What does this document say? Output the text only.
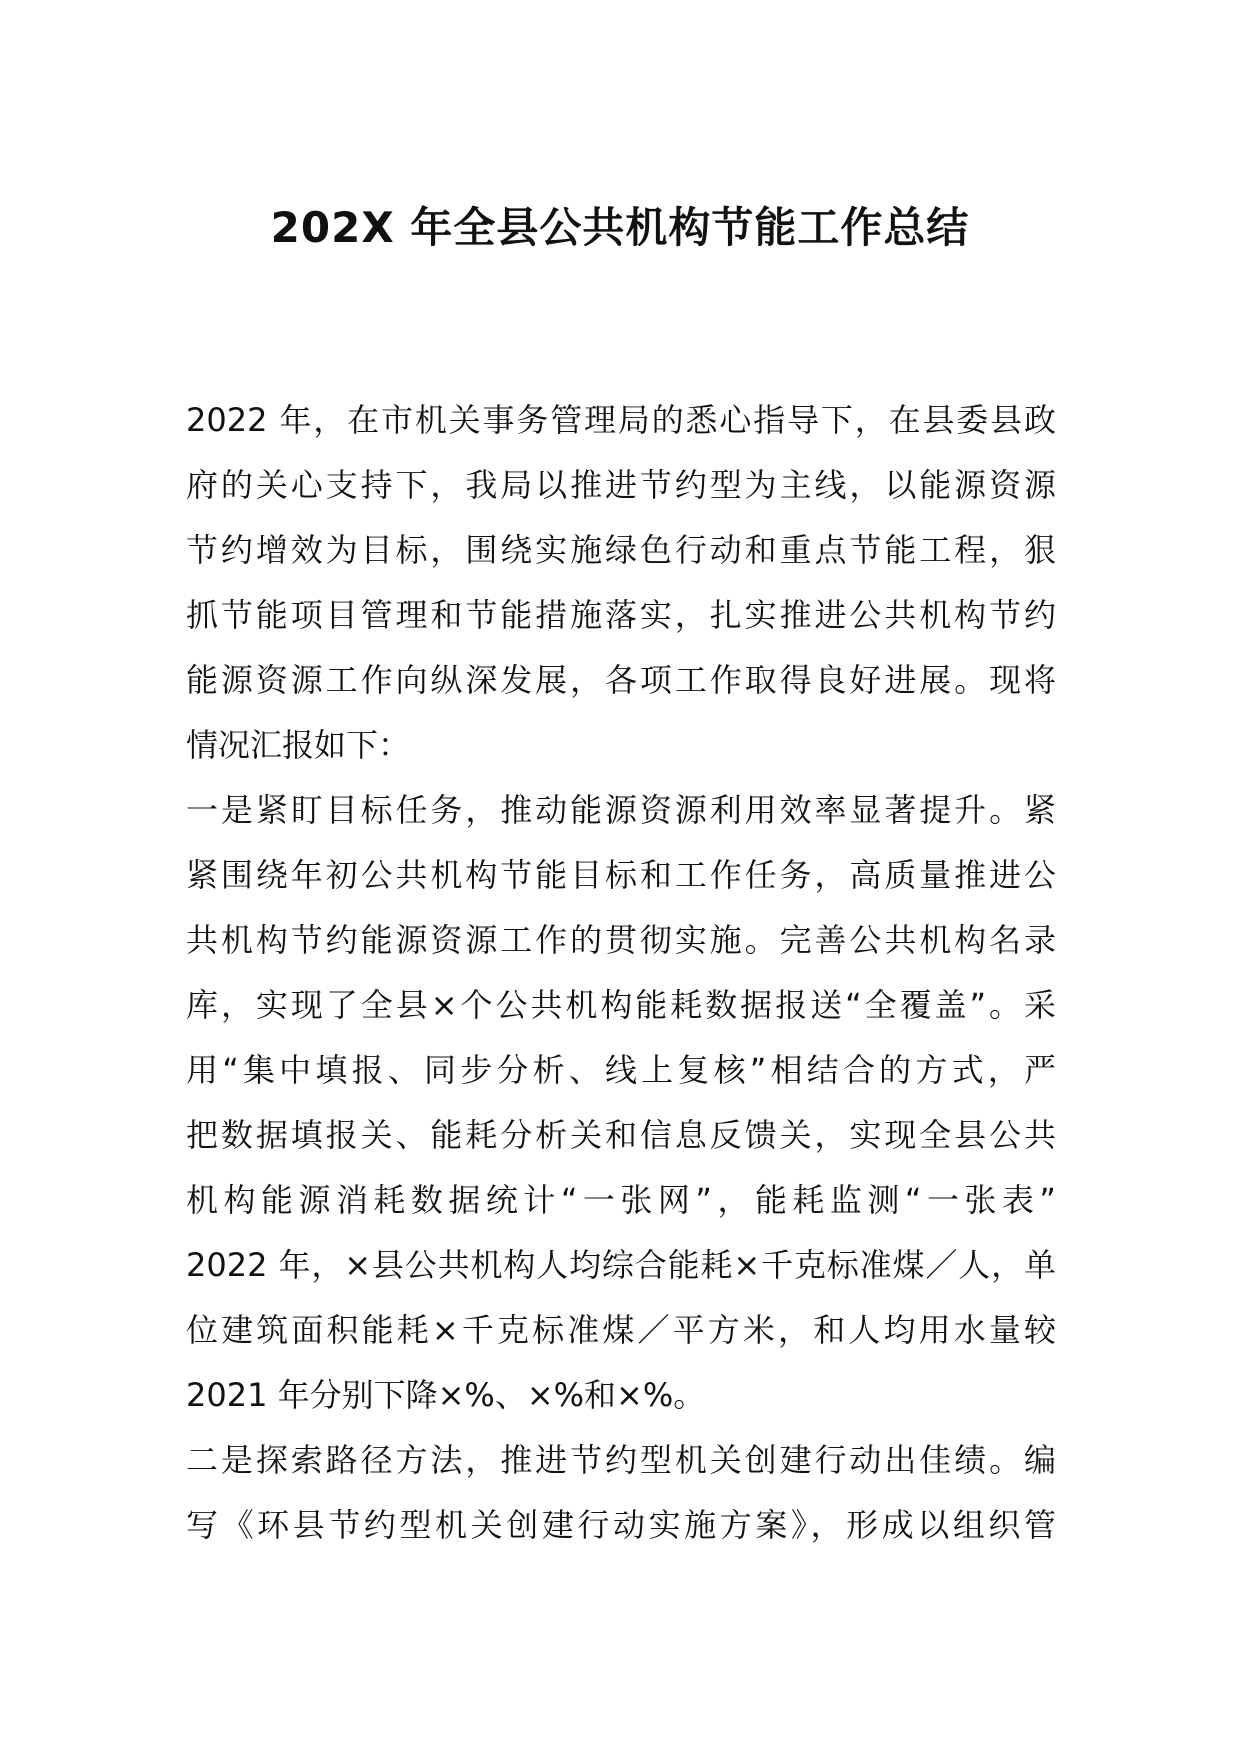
202X 年全县公共机构节能工作总结
2022 年，在市机关事务管理局的悉心指导下，在县委县政
府的关心支持下，我局以推进节约型为主线，以能源资源
节约增效为目标，围绕实施绿色行动和重点节能工程，狠
抓节能项目管理和节能措施落实，扎实推进公共机构节约
能源资源工作向纵深发展，各项工作取得良好进展。现将
情况汇报如下：
一是紧盯目标任务，推动能源资源利用效率显著提升。紧
紧围绕年初公共机构节能目标和工作任务，高质量推进公
共机构节约能源资源工作的贯彻实施。完善公共机构名录
库，实现了全县×个公共机构能耗数据报送“全覆盖”。采
用“集中填报、同步分析、线上复核”相结合的方式，严
把数据填报关、能耗分析关和信息反馈关，实现全县公共
机构能源消耗数据统计“一张网”，能耗监测“一张表”
2022 年，×县公共机构人均综合能耗×千克标准煤／人，单
位建筑面积能耗×千克标准煤／平方米，和人均用水量较
2021 年分别下降×%、×%和×%。
二是探索路径方法，推进节约型机关创建行动出佳绩。编
写《环县节约型机关创建行动实施方案》，形成以组织管
